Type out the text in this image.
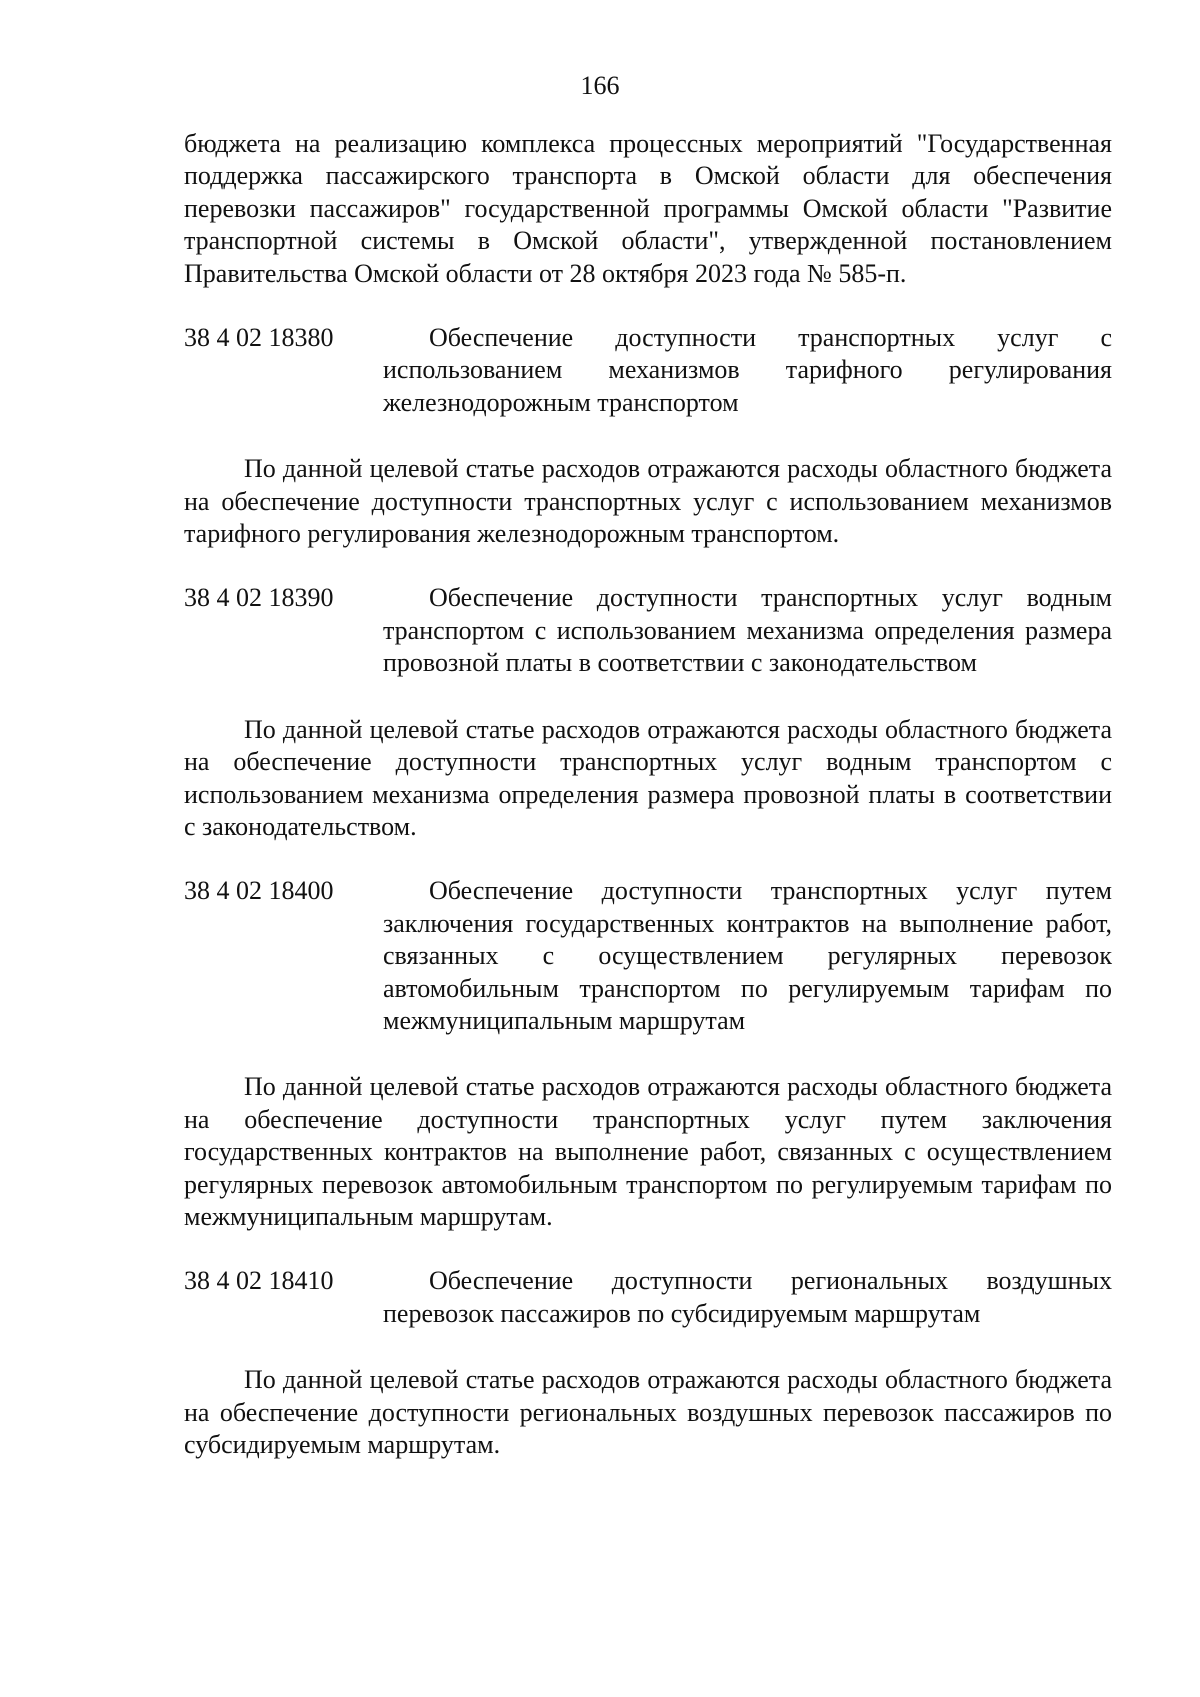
166

бюджета на реализацию комплекса процессных мероприятий "Государственная поддержка пассажирского транспорта в Омской области для обеспечения перевозки пассажиров" государственной программы Омской области "Развитие транспортной системы в Омской области", утвержденной постановлением Правительства Омской области от 28 октября 2023 года № 585-п.

38 4 02 18380	Обеспечение доступности транспортных услуг с использованием механизмов тарифного регулирования железнодорожным транспортом

По данной целевой статье расходов отражаются расходы областного бюджета на обеспечение доступности транспортных услуг с использованием механизмов тарифного регулирования железнодорожным транспортом.

38 4 02 18390	Обеспечение доступности транспортных услуг водным транспортом с использованием механизма определения размера провозной платы в соответствии с законодательством

По данной целевой статье расходов отражаются расходы областного бюджета на обеспечение доступности транспортных услуг водным транспортом с использованием механизма определения размера провозной платы в соответствии с законодательством.

38 4 02 18400	Обеспечение доступности транспортных услуг путем заключения государственных контрактов на выполнение работ, связанных с осуществлением регулярных перевозок автомобильным транспортом по регулируемым тарифам по межмуниципальным маршрутам

По данной целевой статье расходов отражаются расходы областного бюджета на обеспечение доступности транспортных услуг путем заключения государственных контрактов на выполнение работ, связанных с осуществлением регулярных перевозок автомобильным транспортом по регулируемым тарифам по межмуниципальным маршрутам.

38 4 02 18410	Обеспечение доступности региональных воздушных перевозок пассажиров по субсидируемым маршрутам

По данной целевой статье расходов отражаются расходы областного бюджета на обеспечение доступности региональных воздушных перевозок пассажиров по субсидируемым маршрутам.
